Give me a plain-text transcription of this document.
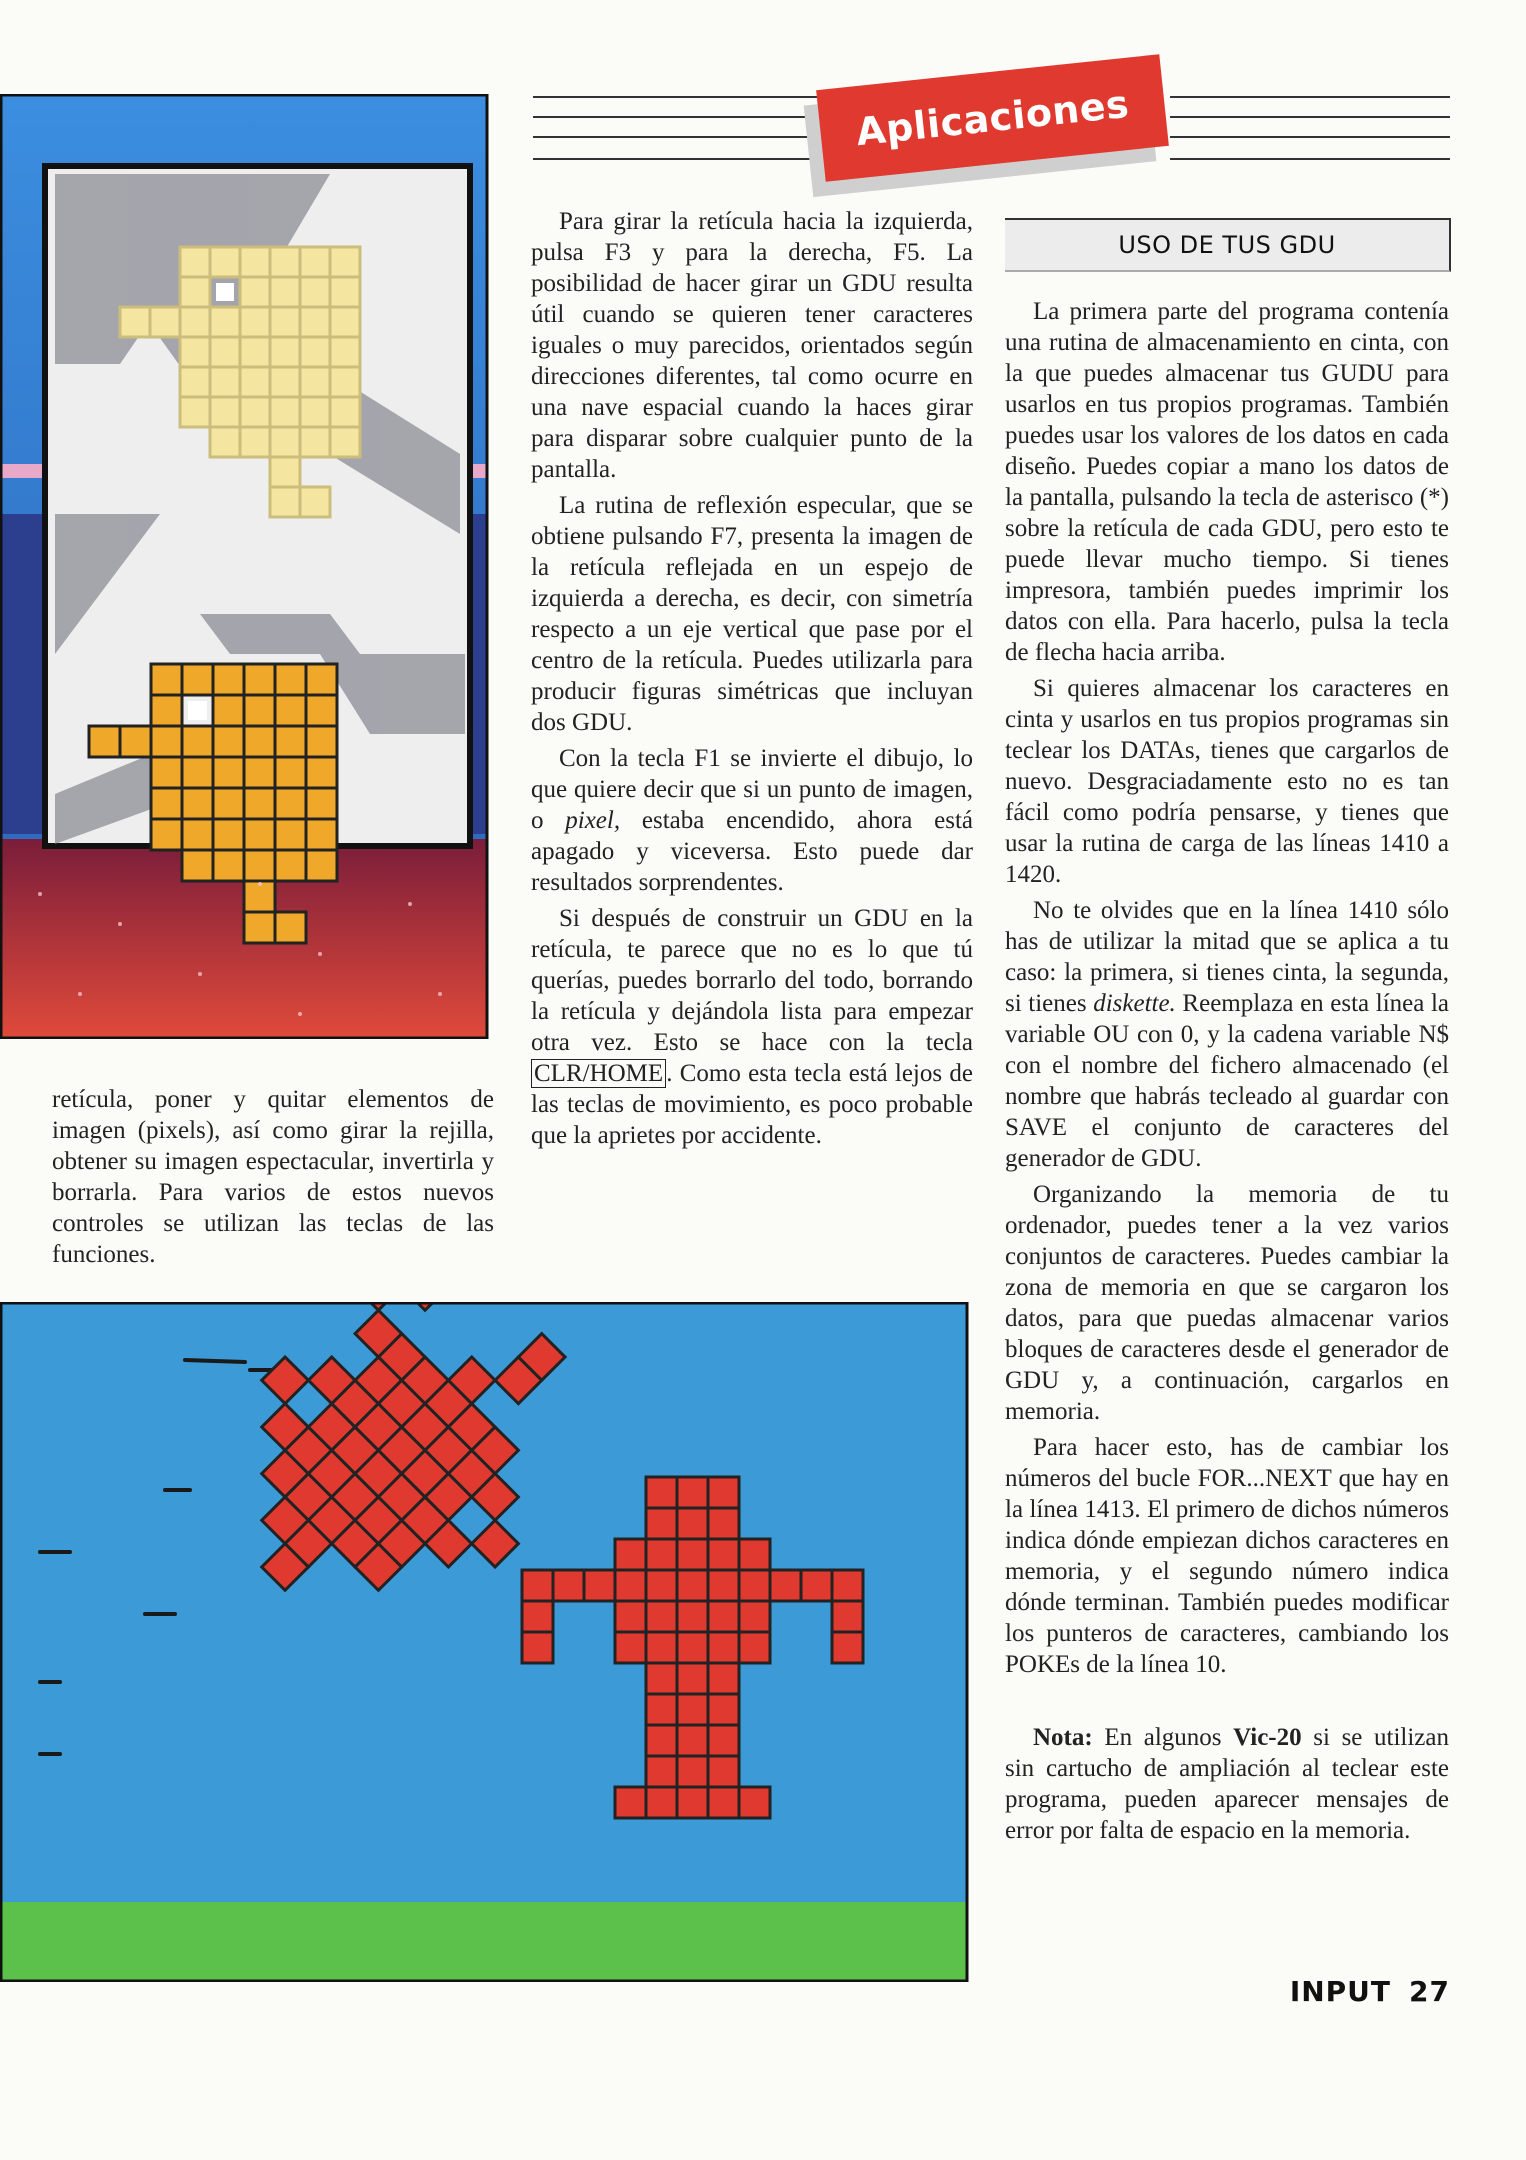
Aplicaciones
USO DE TUS GDU

retícula, poner y quitar elementos de imagen (pixels), así como girar la rejilla, obtener su imagen espectacular, invertirla y borrarla. Para varios de estos nuevos controles se utilizan las teclas de las funciones.

Para girar la retícula hacia la izquierda, pulsa F3 y para la derecha, F5. La posibilidad de hacer girar un GDU resulta útil cuando se quieren tener caracteres iguales o muy parecidos, orientados según direcciones diferentes, tal como ocurre en una nave espacial cuando la haces girar para disparar sobre cualquier punto de la pantalla.

La rutina de reflexión especular, que se obtiene pulsando F7, presenta la imagen de la retícula reflejada en un espejo de izquierda a derecha, es decir, con simetría respecto a un eje vertical que pase por el centro de la retícula. Puedes utilizarla para producir figuras simétricas que incluyan dos GDU.

Con la tecla F1 se invierte el dibujo, lo que quiere decir que si un punto de imagen, o pixel, estaba encendido, ahora está apagado y viceversa. Esto puede dar resultados sorprendentes.

Si después de construir un GDU en la retícula, te parece que no es lo que tú querías, puedes borrarlo del todo, borrando la retícula y dejándola lista para empezar otra vez. Esto se hace con la tecla CLR/HOME . Como esta tecla está lejos de las teclas de movimiento, es poco probable que la aprietes por accidente.

La primera parte del programa contenía una rutina de almacenamiento en cinta, con la que puedes almacenar tus GUDU para usarlos en tus propios programas. También puedes usar los valores de los datos en cada diseño. Puedes copiar a mano los datos de la pantalla, pulsando la tecla de asterisco (*) sobre la retícula de cada GDU, pero esto te puede llevar mucho tiempo. Si tienes impresora, también puedes imprimir los datos con ella. Para hacerlo, pulsa la tecla de flecha hacia arriba.

Si quieres almacenar los caracteres en cinta y usarlos en tus propios programas sin teclear los DATAs, tienes que cargarlos de nuevo. Desgraciadamente esto no es tan fácil como podría pensarse, y tienes que usar la rutina de carga de las líneas 1410 a 1420.

No te olvides que en la línea 1410 sólo has de utilizar la mitad que se aplica a tu caso: la primera, si tienes cinta, la segunda, si tienes diskette. Reemplaza en esta línea la variable OU con 0, y la cadena variable N$ con el nombre del fichero almacenado (el nombre que habrás tecleado al guardar con SAVE el conjunto de caracteres del generador de GDU.

Organizando la memoria de tu ordenador, puedes tener a la vez varios conjuntos de caracteres. Puedes cambiar la zona de memoria en que se cargaron los datos, para que puedas almacenar varios bloques de caracteres desde el generador de GDU y, a continuación, cargarlos en memoria.

Para hacer esto, has de cambiar los números del bucle FOR...NEXT que hay en la línea 1413. El primero de dichos números indica dónde empiezan dichos caracteres en memoria, y el segundo número indica dónde terminan. También puedes modificar los punteros de caracteres, cambiando los POKEs de la línea 10.

Nota: En algunos Vic-20 si se utilizan sin cartucho de ampliación al teclear este programa, pueden aparecer mensajes de error por falta de espacio en la memoria.

INPUT 27
